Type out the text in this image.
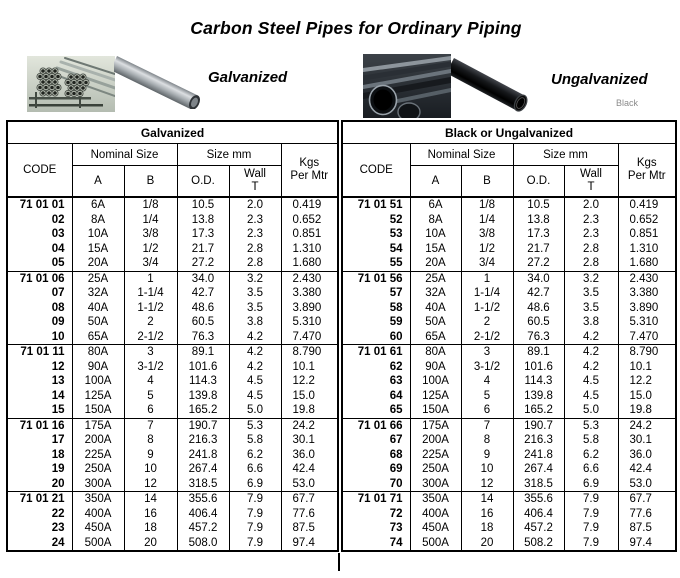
Carbon Steel Pipes for Ordinary Piping
Galvanized	Ungalvanized
Black
Galvanized					
CODE	Nominal Size		Size mm		Kgs
Per Mtr
	A	B	O.D.	Wall
T	
71 01 01	6A	1/8	10.5	2.0	0.419
02	8A	1/4	13.8	2.3	0.652
03	10A	3/8	17.3	2.3	0.851
04	15A	1/2	21.7	2.8	1.310
05	20A	3/4	27.2	2.8	1.680
71 01 06	25A	1	34.0	3.2	2.430
07	32A	1-1/4	42.7	3.5	3.380
08	40A	1-1/2	48.6	3.5	3.890
09	50A	2	60.5	3.8	5.310
10	65A	2-1/2	76.3	4.2	7.470
71 01 11	80A	3	89.1	4.2	8.790
12	90A	3-1/2	101.6	4.2	10.1
13	100A	4	114.3	4.5	12.2
14	125A	5	139.8	4.5	15.0
15	150A	6	165.2	5.0	19.8
71 01 16	175A	7	190.7	5.3	24.2
17	200A	8	216.3	5.8	30.1
18	225A	9	241.8	6.2	36.0
19	250A	10	267.4	6.6	42.4
20	300A	12	318.5	6.9	53.0
71 01 21	350A	14	355.6	7.9	67.7
22	400A	16	406.4	7.9	77.6
23	450A	18	457.2	7.9	87.5
24	500A	20	508.0	7.9	97.4
Black or Ungalvanized					
CODE	Nominal Size		Size mm		Kgs
Per Mtr
	A	B	O.D.	Wall
T	
71 01 51	6A	1/8	10.5	2.0	0.419
52	8A	1/4	13.8	2.3	0.652
53	10A	3/8	17.3	2.3	0.851
54	15A	1/2	21.7	2.8	1.310
55	20A	3/4	27.2	2.8	1.680
71 01 56	25A	1	34.0	3.2	2.430
57	32A	1-1/4	42.7	3.5	3.380
58	40A	1-1/2	48.6	3.5	3.890
59	50A	2	60.5	3.8	5.310
60	65A	2-1/2	76.3	4.2	7.470
71 01 61	80A	3	89.1	4.2	8.790
62	90A	3-1/2	101.6	4.2	10.1
63	100A	4	114.3	4.5	12.2
64	125A	5	139.8	4.5	15.0
65	150A	6	165.2	5.0	19.8
71 01 66	175A	7	190.7	5.3	24.2
67	200A	8	216.3	5.8	30.1
68	225A	9	241.8	6.2	36.0
69	250A	10	267.4	6.6	42.4
70	300A	12	318.5	6.9	53.0
71 01 71	350A	14	355.6	7.9	67.7
72	400A	16	406.4	7.9	77.6
73	450A	18	457.2	7.9	87.5
74	500A	20	508.2	7.9	97.4
